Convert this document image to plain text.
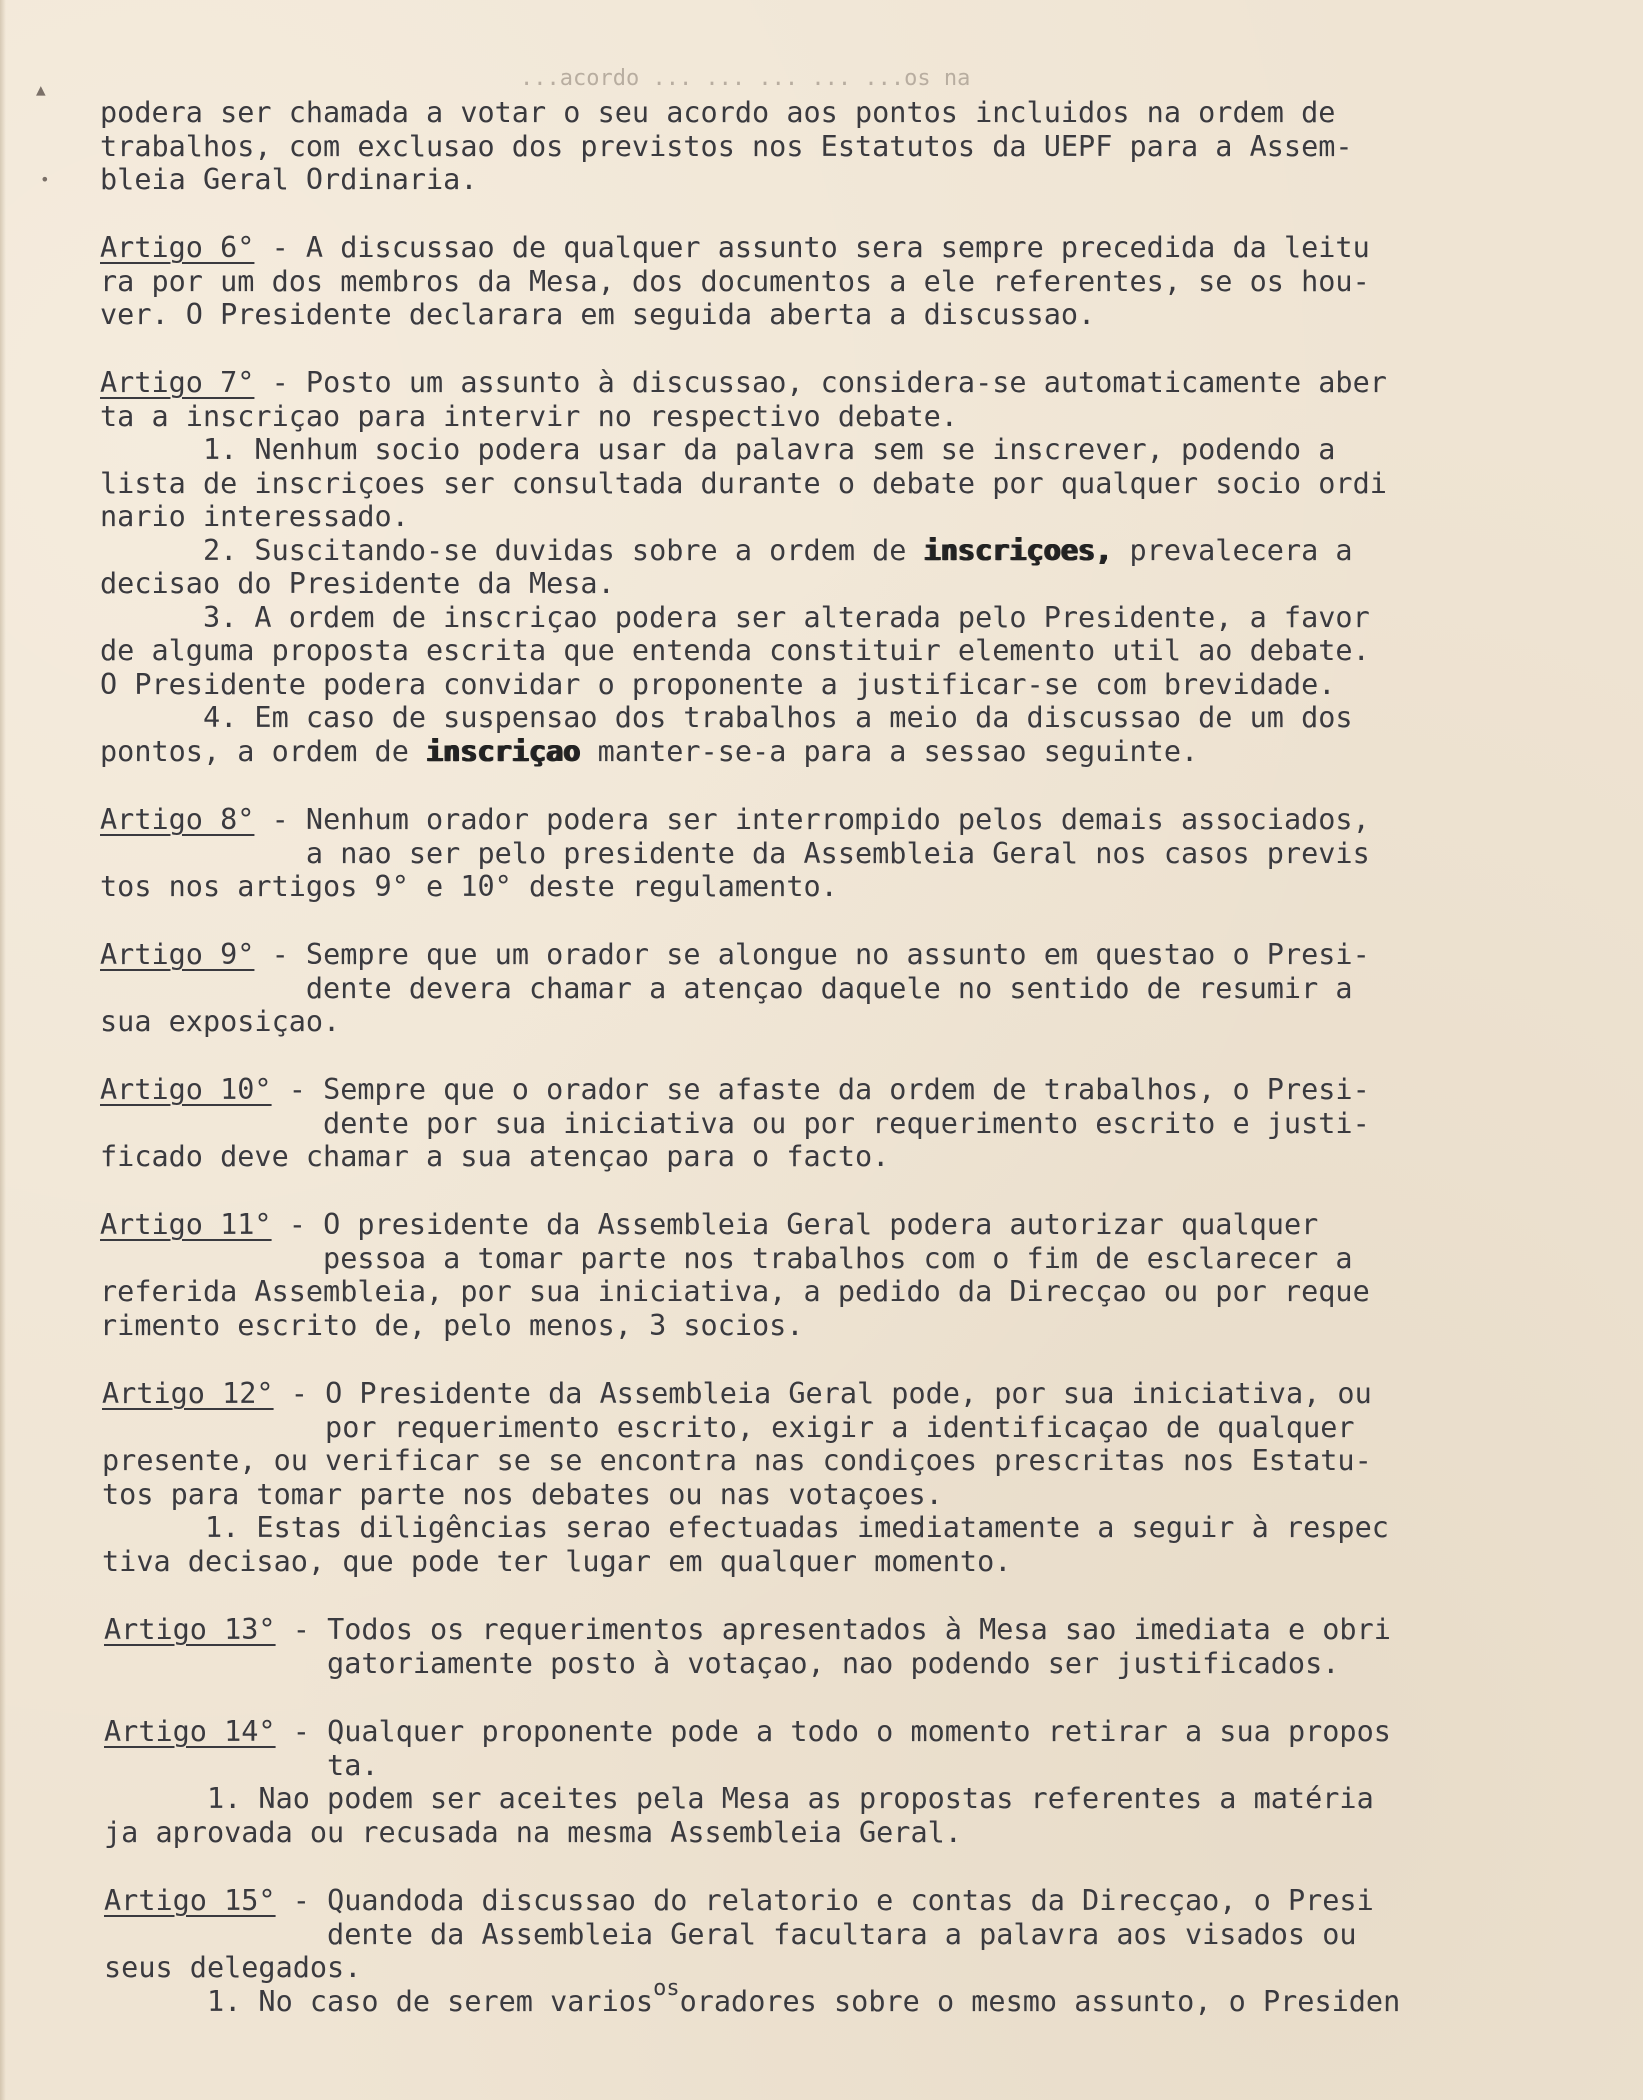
▲
•
...acordo ... ... ... ... ...os na
podera ser chamada a votar o seu acordo aos pontos incluidos na ordem de
trabalhos, com exclusao dos previstos nos Estatutos da UEPF para a Assem-
bleia Geral Ordinaria.
Artigo 6° - A discussao de qualquer assunto sera sempre precedida da leitu
ra por um dos membros da Mesa, dos documentos a ele referentes, se os hou-
ver. O Presidente declarara em seguida aberta a discussao.
Artigo 7° - Posto um assunto à discussao, considera-se automaticamente aber
ta a inscriçao para intervir no respectivo debate.
1. Nenhum socio podera usar da palavra sem se inscrever, podendo a
lista de inscriçoes ser consultada durante o debate por qualquer socio ordi
nario interessado.
2. Suscitando-se duvidas sobre a ordem de inscriçoes, prevalecera a
decisao do Presidente da Mesa.
3. A ordem de inscriçao podera ser alterada pelo Presidente, a favor
de alguma proposta escrita que entenda constituir elemento util ao debate.
O Presidente podera convidar o proponente a justificar-se com brevidade.
4. Em caso de suspensao dos trabalhos a meio da discussao de um dos
pontos, a ordem de inscriçao manter-se-a para a sessao seguinte.
Artigo 8° - Nenhum orador podera ser interrompido pelos demais associados,
a nao ser pelo presidente da Assembleia Geral nos casos previs
tos nos artigos 9° e 10° deste regulamento.
Artigo 9° - Sempre que um orador se alongue no assunto em questao o Presi-
dente devera chamar a atençao daquele no sentido de resumir a
sua exposiçao.
Artigo 10° - Sempre que o orador se afaste da ordem de trabalhos, o Presi-
dente por sua iniciativa ou por requerimento escrito e justi-
ficado deve chamar a sua atençao para o facto.
Artigo 11° - O presidente da Assembleia Geral podera autorizar qualquer
pessoa a tomar parte nos trabalhos com o fim de esclarecer a
referida Assembleia, por sua iniciativa, a pedido da Direcçao ou por reque
rimento escrito de, pelo menos, 3 socios.
Artigo 12° - O Presidente da Assembleia Geral pode, por sua iniciativa, ou
por requerimento escrito, exigir a identificaçao de qualquer
presente, ou verificar se se encontra nas condiçoes prescritas nos Estatu-
tos para tomar parte nos debates ou nas votaçoes.
1. Estas diligências serao efectuadas imediatamente a seguir à respec
tiva decisao, que pode ter lugar em qualquer momento.
Artigo 13° - Todos os requerimentos apresentados à Mesa sao imediata e obri
gatoriamente posto à votaçao, nao podendo ser justificados.
Artigo 14° - Qualquer proponente pode a todo o momento retirar a sua propos
ta.
1. Nao podem ser aceites pela Mesa as propostas referentes a matéria
ja aprovada ou recusada na mesma Assembleia Geral.
Artigo 15° - Quandoda discussao do relatorio e contas da Direcçao, o Presi
dente da Assembleia Geral facultara a palavra aos visados ou
seus delegados.
1. No caso de serem varios$^{os}$oradores sobre o mesmo assunto, o Presiden
